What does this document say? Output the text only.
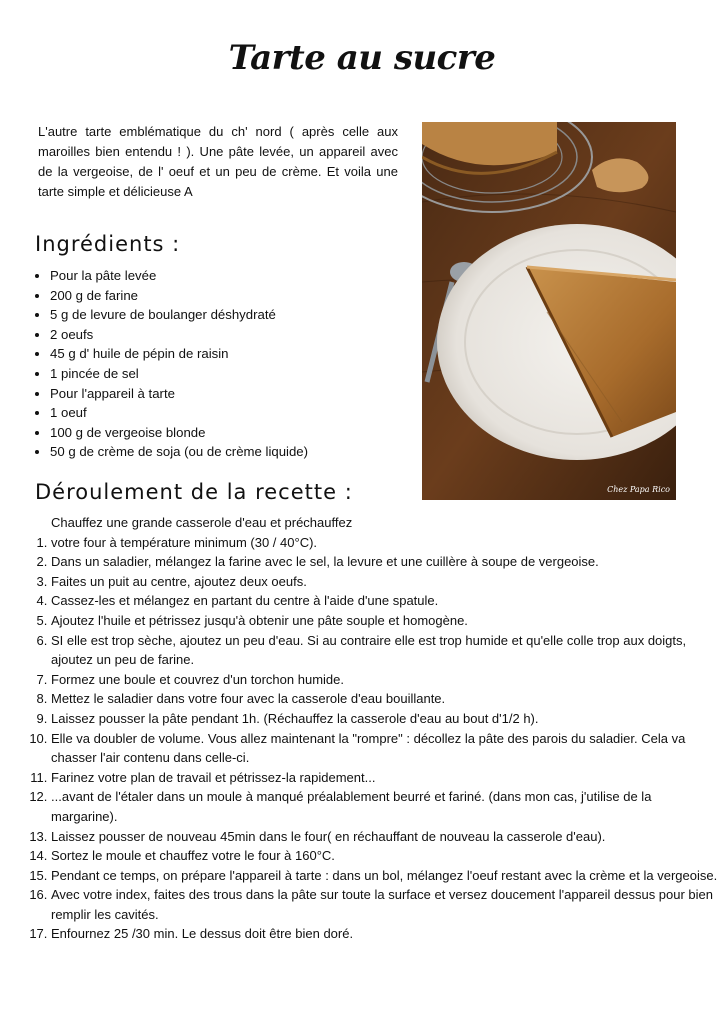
Tarte au sucre

L'autre tarte emblématique du ch' nord ( après celle aux maroilles bien entendu ! ). Une pâte levée, un appareil avec de la vergeoise, de l' oeuf et un peu de crème. Et voila une tarte simple et délicieuse A

Chez Papa Rico
Ingrédients :
• Pour la pâte levée
• 200 g de farine
• 5 g de levure de boulanger déshydraté
• 2 oeufs
• 45 g d' huile de pépin de raisin
• 1 pincée de sel
• Pour l'appareil à tarte
• 1 oeuf
• 100 g de vergeoise blonde
• 50 g de crème de soja (ou de crème liquide)
Déroulement de la recette :
1. Chauffez une grande casserole d'eau et préchauffez votre four à température minimum (30 / 40°C).
2. Dans un saladier, mélangez la farine avec le sel, la levure et une cuillère à soupe de vergeoise.
3. Faites un puit au centre, ajoutez deux oeufs.
4. Cassez-les et mélangez en partant du centre à l'aide d'une spatule.
5. Ajoutez l'huile et pétrissez jusqu'à obtenir une pâte souple et homogène.
6. SI elle est trop sèche, ajoutez un peu d'eau. Si au contraire elle est trop humide et qu'elle colle trop aux doigts, ajoutez un peu de farine.
7. Formez une boule et couvrez d'un torchon humide.
8. Mettez le saladier dans votre four avec la casserole d'eau bouillante.
9. Laissez pousser la pâte pendant 1h. (Réchauffez la casserole d'eau au bout d'1/2 h).
10. Elle va doubler de volume. Vous allez maintenant la "rompre" : décollez la pâte des parois du saladier. Cela va chasser l'air contenu dans celle-ci.
11. Farinez votre plan de travail et pétrissez-la rapidement...
12. ...avant de l'étaler dans un moule à manqué préalablement beurré et fariné. (dans mon cas, j'utilise de la margarine).
13. Laissez pousser de nouveau 45min dans le four( en réchauffant de nouveau la casserole d'eau).
14. Sortez le moule et chauffez votre le four à 160°C.
15. Pendant ce temps, on prépare l'appareil à tarte : dans un bol, mélangez l'oeuf restant avec la crème et la vergeoise.
16. Avec votre index, faites des trous dans la pâte sur toute la surface et versez doucement l'appareil dessus pour bien remplir les cavités.
17. Enfournez 25 /30 min. Le dessus doit être bien doré.
